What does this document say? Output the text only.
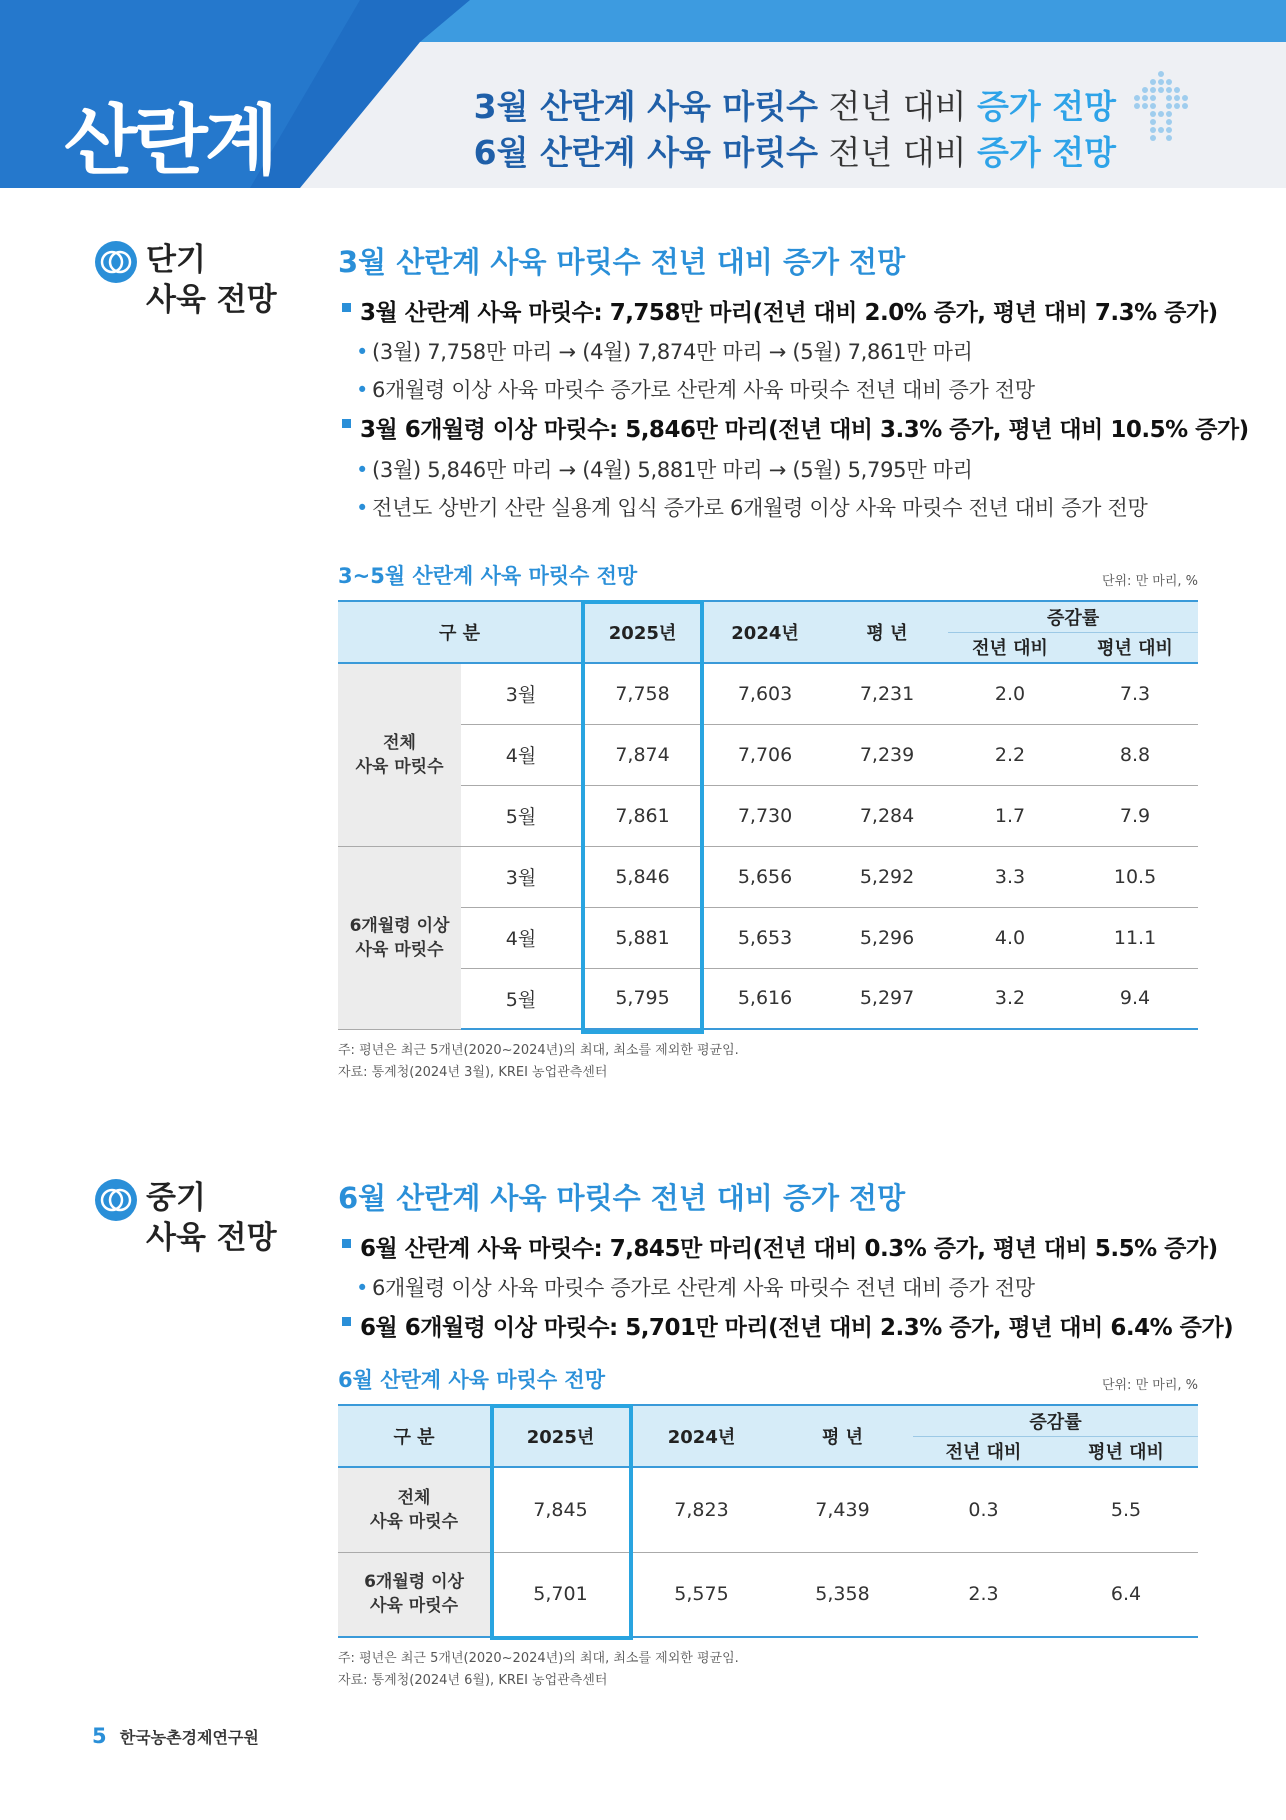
산란계	3월 산란계 사육 마릿수 전년 대비 증가 전망
6월 산란계 사육 마릿수 전년 대비 증가 전망
단기
사육 전망
3월 산란계 사육 마릿수 전년 대비 증가 전망
3월 산란계 사육 마릿수: 7,758만 마리(전년 대비 2.0% 증가, 평년 대비 7.3% 증가)
• (3월) 7,758만 마리 → (4월) 7,874만 마리 → (5월) 7,861만 마리
• 6개월령 이상 사육 마릿수 증가로 산란계 사육 마릿수 전년 대비 증가 전망
3월 6개월령 이상 마릿수: 5,846만 마리(전년 대비 3.3% 증가, 평년 대비 10.5% 증가)
• (3월) 5,846만 마리 → (4월) 5,881만 마리 → (5월) 5,795만 마리
• 전년도 상반기 산란 실용계 입식 증가로 6개월령 이상 사육 마릿수 전년 대비 증가 전망
3~5월 산란계 사육 마릿수 전망	단위: 만 마리, %
구 분		2025년	2024년	평 년	증감률	
					전년 대비	평년 대비

전체
사육 마릿수	3월	7,758	7,603	7,231	2.0	7.3
	4월	7,874	7,706	7,239	2.2	8.8
	5월	7,861	7,730	7,284	1.7	7.9

6개월령 이상
사육 마릿수	3월	5,846	5,656	5,292	3.3	10.5
	4월	5,881	5,653	5,296	4.0	11.1
	5월	5,795	5,616	5,297	3.2	9.4
주: 평년은 최근 5개년(2020~2024년)의 최대, 최소를 제외한 평균임.
자료: 통계청(2024년 3월), KREI 농업관측센터
중기
사육 전망
6월 산란계 사육 마릿수 전년 대비 증가 전망
6월 산란계 사육 마릿수: 7,845만 마리(전년 대비 0.3% 증가, 평년 대비 5.5% 증가)
• 6개월령 이상 사육 마릿수 증가로 산란계 사육 마릿수 전년 대비 증가 전망
6월 6개월령 이상 마릿수: 5,701만 마리(전년 대비 2.3% 증가, 평년 대비 6.4% 증가)
6월 산란계 사육 마릿수 전망	단위: 만 마리, %
구 분	2025년	2024년	평 년	증감률	
				전년 대비	평년 대비

전체
사육 마릿수	7,845	7,823	7,439	0.3	5.5

6개월령 이상
사육 마릿수	5,701	5,575	5,358	2.3	6.4
주: 평년은 최근 5개년(2020~2024년)의 최대, 최소를 제외한 평균임.
자료: 통계청(2024년 6월), KREI 농업관측센터
5 한국농촌경제연구원
